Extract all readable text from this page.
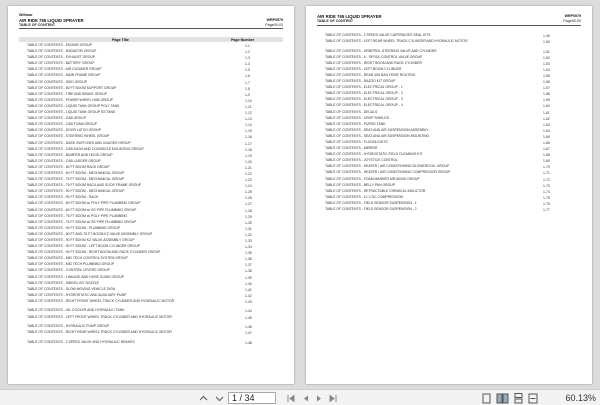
Willmar
AIR RIDE 765 LIQUID SPRAYER
TABLE OF CONTENT
WRP0579
Page00-03
Page Title	Page Number
TABLE OF CONTENTS - ENGINE GROUP	1-1
TABLE OF CONTENTS - RADIATOR GROUP	1-2
TABLE OF CONTENTS - EXHAUST GROUP	1-3
TABLE OF CONTENTS - BATTERY GROUP	1-4
TABLE OF CONTENTS - AIR CLEANER GROUP	1-5
TABLE OF CONTENTS - MAIN FRAME GROUP	1-6
TABLE OF CONTENTS - SKID GROUP	1-7
TABLE OF CONTENTS - 60 FT BOOM SUPPORT GROUP	1-8
TABLE OF CONTENTS - TIRE AND BRAKE GROUP	1-9
TABLE OF CONTENTS - POWER WHEEL HUB GROUP	1-10
TABLE OF CONTENTS - LIQUID TANK GROUP POLY TANK	1-11
TABLE OF CONTENTS - LIQUID TANK GROUP SS TANK	1-12
TABLE OF CONTENTS - CAB GROUP	1-13
TABLE OF CONTENTS - CAB FOAM GROUP	1-14
TABLE OF CONTENTS - DOOR LATCH GROUP	1-15
TABLE OF CONTENTS - STEERING WHEEL GROUP	1-16
TABLE OF CONTENTS - DASH SWITCHES AND GAUGES GROUP	1-17
TABLE OF CONTENTS - CAB DASH AND COUNSOLE MOUNTING GROUP	1-18
TABLE OF CONTENTS - BUMPER AND HOOD GROUP	1-19
TABLE OF CONTENTS - CAB LADDER GROUP	1-20
TABLE OF CONTENTS - 60 FT BOOM RACK GROUP	1-21
TABLE OF CONTENTS - 60 FT BOOM - MECHANICAL GROUP	1-22
TABLE OF CONTENTS - 75 FT BOOM - MECHANICAL GROUP	1-23
TABLE OF CONTENTS - 75 FT BOOM RACK AND SLIDE FRAME GROUP	1-24
TABLE OF CONTENTS - 90 FT BOOM - MECHANICAL GROUP	1-25
TABLE OF CONTENTS - 90 FT BOOM - RACK	1-26
TABLE OF CONTENTS - 60 FT BOOM w/ POLY PIPE PLUMBING GROUP	1-27
TABLE OF CONTENTS - 60 FT BOOM w/ SS PIPE PLUMBING GROUP	1-28
TABLE OF CONTENTS - 75 FT BOOM w/ POLY PIPE PLUMBING	1-29
TABLE OF CONTENTS - 75 FT BOOM w/ SS PIPE PLUMBING GROUP	1-30
TABLE OF CONTENTS - 90 FT BOOM - PLUMBING GROUP	1-31
TABLE OF CONTENTS - 60 FT AND 75 FT BOOM KZ VALVE ASSEMBLY GROUP	1-32
TABLE OF CONTENTS - 90 FT BOOM KZ VALVE ASSEMBLY GROUP	1-33
TABLE OF CONTENTS - 90 FT BOOM - LEFT BOOM CYLINDER GROUP	1-34
TABLE OF CONTENTS - 90 FT BOOM - RIGHT BOOM AND RACK CYLINDER GROUP	1-35
TABLE OF CONTENTS - MID TECH CONTROL SYSTEM GROUP	1-36
TABLE OF CONTENTS - MID TECH PLUMBING GROUP	1-37
TABLE OF CONTENTS - CONTROL LEVERS GROUP	1-38
TABLE OF CONTENTS - LINKAGE AND HOSE GUIDE GROUP	1-39
TABLE OF CONTENTS - SWIVEL BIT NOZZLE	1-40
TABLE OF CONTENTS - SLOW MOVING VEHICLE SIGN	1-41
TABLE OF CONTENTS - HYDROSTATIC AND AUXILIARY PUMP	1-42
TABLE OF CONTENTS - RIGHT FRONT WHEEL TRACK CYLINDER AND HYDRAULIC MOTOR	1-43
TABLE OF CONTENTS - OIL COOLER AND HYDRAULIC TANK	1-44
TABLE OF CONTENTS - LEFT FRONT WHEEL TRACK CYLINDER AND HYDRAULIC MOTOR	1-45
TABLE OF CONTENTS - HYDRAULIC PUMP GROUP	1-46
TABLE OF CONTENTS - RIGHT REAR WHEEL TRACK CYLINDER AND HYDRAULIC MOTOR	1-47
TABLE OF CONTENTS - 2 SPEED VALVE AND HYDRAULIC BRAKES	1-48
AIR RIDE 765 LIQUID SPRAYER
TABLE OF CONTENT
WRP0579
Page00-03
TABLE OF CONTENTS - 2 SPEED VALVE CARTRIDGES SEAL KITS	1-49
TABLE OF CONTENTS - LEFT REAR WHEEL TRACK CYLINDER AND HYDRAULIC MOTOR	1-50
TABLE OF CONTENTS - ORBITROL STEERING VALVE AND CYLINDER	1-51
TABLE OF CONTENTS - 6 - SPOOL CONTROL VALVE GROUP	1-52
TABLE OF CONTENTS - RIGHT BOOM AND RACK CYLINDER	1-53
TABLE OF CONTENTS - LEFT BOOM CYLINDER	1-54
TABLE OF CONTENTS - REAR 4X5 BAG HOSE ROUTING	1-55
TABLE OF CONTENTS - RAZOO KIT GROUP	1-56
TABLE OF CONTENTS - ELECTRICAL GROUP - 1	1-57
TABLE OF CONTENTS - ELECTRICAL GROUP - 2	1-58
TABLE OF CONTENTS - ELECTRICAL GROUP - 3	1-59
TABLE OF CONTENTS - ELECTRICAL GROUP - 4	1-60
TABLE OF CONTENTS - DECALS	1-61
TABLE OF CONTENTS - CROP SHIELDS	1-62
TABLE OF CONTENTS - PURGE TANK	1-63
TABLE OF CONTENTS - SEAT AND AIR SUSPENSION ASSEMBLY	1-64
TABLE OF CONTENTS - SEAT AND AIR SUSPENSION MOUNTING	1-65
TABLE OF CONTENTS - FLOODLIGHTS	1-66
TABLE OF CONTENTS - MIRROR	1-67
TABLE OF CONTENTS - HYDROSTATIC FIELD CLEANING KIT	1-68
TABLE OF CONTENTS - JOYSTICK CONTROL	1-69
TABLE OF CONTENTS - HEATER / AIR CONDITIONING BLOWER/COIL GROUP	1-70
TABLE OF CONTENTS - HEATER / AIR CONDITIONING COMPRESSOR GROUP	1-71
TABLE OF CONTENTS - FOAM MARKER MR-5000D GROUP	1-72
TABLE OF CONTENTS - BELLY PAN GROUP	1-73
TABLE OF CONTENTS - RETRACTABLE CHEMICAL INDUCTOR	1-74
TABLE OF CONTENTS - 12 V DC COMPRESSION	1-75
TABLE OF CONTENTS - FIELD SENSOR SUSPENSION - 1	1-76
TABLE OF CONTENTS - FIELD SENSOR SUSPENSION - 2	1-77
1
/ 34	60.13%
